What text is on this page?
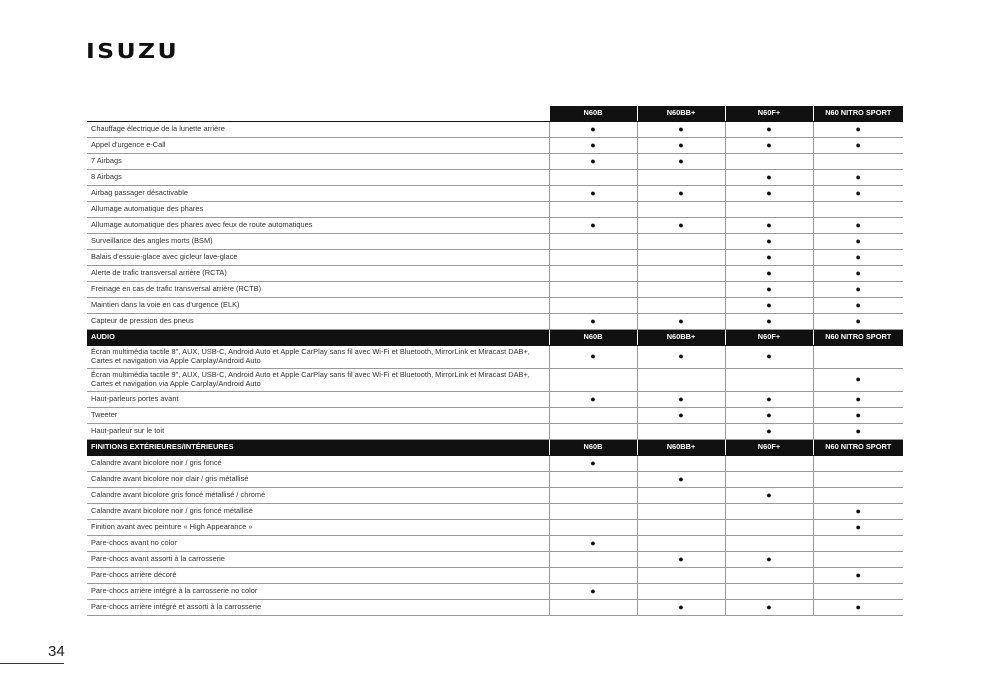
ISUZU
	N60B	N60BB+	N60F+	N60 NITRO SPORT
Chauffage électrique de la lunette arrière	●	●	●	●
Appel d'urgence e-Call	●	●	●	●
7 Airbags	●	●		
8 Airbags			●	●
Airbag passager désactivable	●	●	●	●
Allumage automatique des phares				
Allumage automatique des phares avec feux de route automatiques	●	●	●	●
Surveillance des angles morts (BSM)			●	●
Balais d'essuie-glace avec gicleur lave-glace			●	●
Alerte de trafic transversal arrière (RCTA)			●	●
Freinage en cas de trafic transversal arrière (RCTB)			●	●
Maintien dans la voie en cas d'urgence (ELK)			●	●
Capteur de pression des pneus	●	●	●	●
AUDIO	N60B	N60BB+	N60F+	N60 NITRO SPORT
Écran multimédia tactile 8'', AUX, USB-C, Android Auto et Apple CarPlay sans fil avec Wi-Fi et Bluetooth, MirrorLink et Miracast DAB+, Cartes et navigation via Apple Carplay/Android Auto	●	●	●	
Écran multimédia tactile 9'', AUX, USB-C, Android Auto et Apple CarPlay sans fil avec Wi-Fi et Bluetooth, MirrorLink et Miracast DAB+, Cartes et navigation via Apple Carplay/Android Auto				●
Haut-parleurs portes avant	●	●	●	●
Tweeter		●	●	●
Haut-parleur sur le toit			●	●
FINITIONS EXTÉRIEURES/INTÉRIEURES	N60B	N60BB+	N60F+	N60 NITRO SPORT
Calandre avant bicolore noir / gris foncé	●			
Calandre avant bicolore noir clair / gris métallisé		●		
Calandre avant bicolore gris foncé métallisé / chromé			●	
Calandre avant bicolore noir / gris foncé métallisé				●
Finition avant avec peinture « High Appearance »				●
Pare-chocs avant no color	●			
Pare-chocs avant assorti à la carrosserie		●	●	
Pare-chocs arrière décoré				●
Pare-chocs arrière intégré à la carrosserie no color	●			
Pare-chocs arrière intégré et assorti à la carrosserie		●	●	●
34
